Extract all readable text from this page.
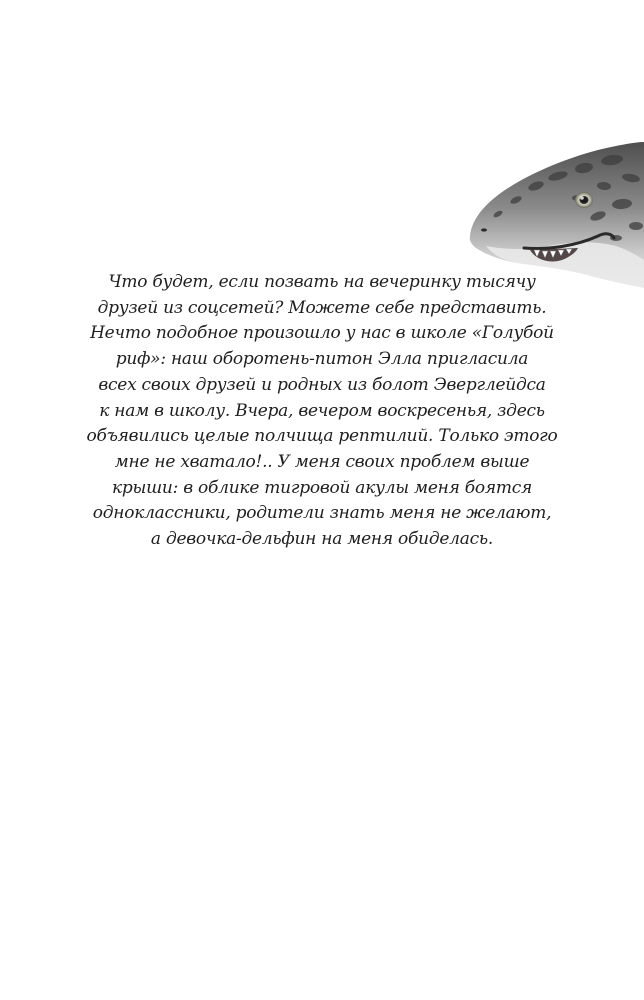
Что будет, если позвать на вечеринку тысячу
друзей из соцсетей? Можете себе представить.
Нечто подобное произошло у нас в школе «Голубой
риф»: наш оборотень-питон Элла пригласила
всех своих друзей и родных из болот Эверглейдса
к нам в школу. Вчера, вечером воскресенья, здесь
объявились целые полчища рептилий. Только этого
мне не хватало!.. У меня своих проблем выше
крыши: в облике тигровой акулы меня боятся
одноклассники, родители знать меня не желают,
а девочка-дельфин на меня обиделась.
